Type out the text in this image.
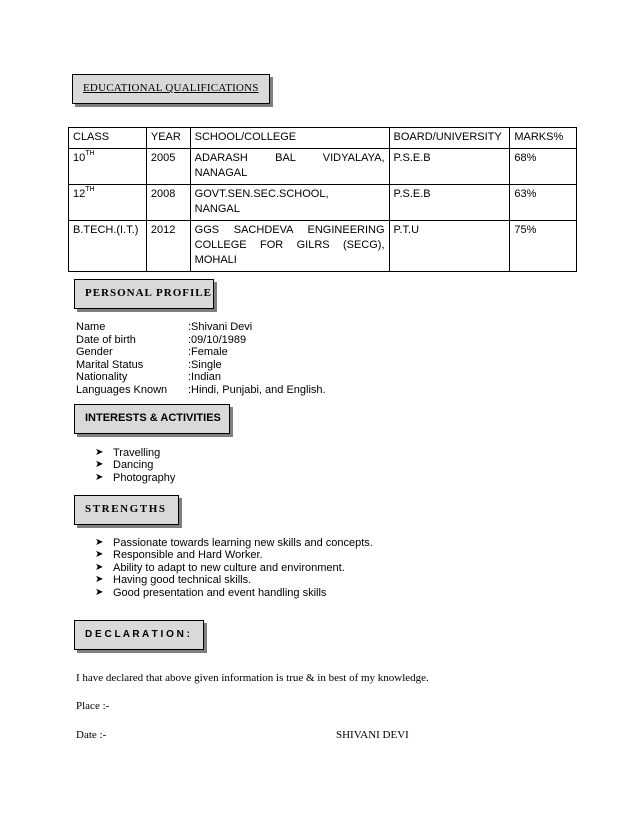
EDUCATIONAL QUALIFICATIONS
CLASS	YEAR	SCHOOL/COLLEGE	BOARD/UNIVERSITY	MARKS%
10TH	2005	ADARASH BAL VIDYALAYA, NANAGAL	P.S.E.B	68%
12TH	2008	GOVT.SEN.SEC.SCHOOL, NANGAL	P.S.E.B	63%
B.TECH.(I.T.)	2012	GGS SACHDEVA ENGINEERING COLLEGE FOR GILRS (SECG), MOHALI	P.T.U	75%
PERSONAL PROFILE
Name	:Shivani Devi
Date of birth	:09/10/1989
Gender	:Female
Marital Status	:Single
Nationality	:Indian
Languages Known	:Hindi, Punjabi, and English.
INTERESTS & ACTIVITIES
➤ Travelling
➤ Dancing
➤ Photography
STRENGTHS
➤ Passionate towards learning new skills and concepts.
➤ Responsible and Hard Worker.
➤ Ability to adapt to new culture and environment.
➤ Having good technical skills.
➤ Good presentation and event handling skills
D E C L A R A T I O N :
I have declared that above given information is true & in best of my knowledge.
Place :-
Date :-	SHIVANI DEVI
